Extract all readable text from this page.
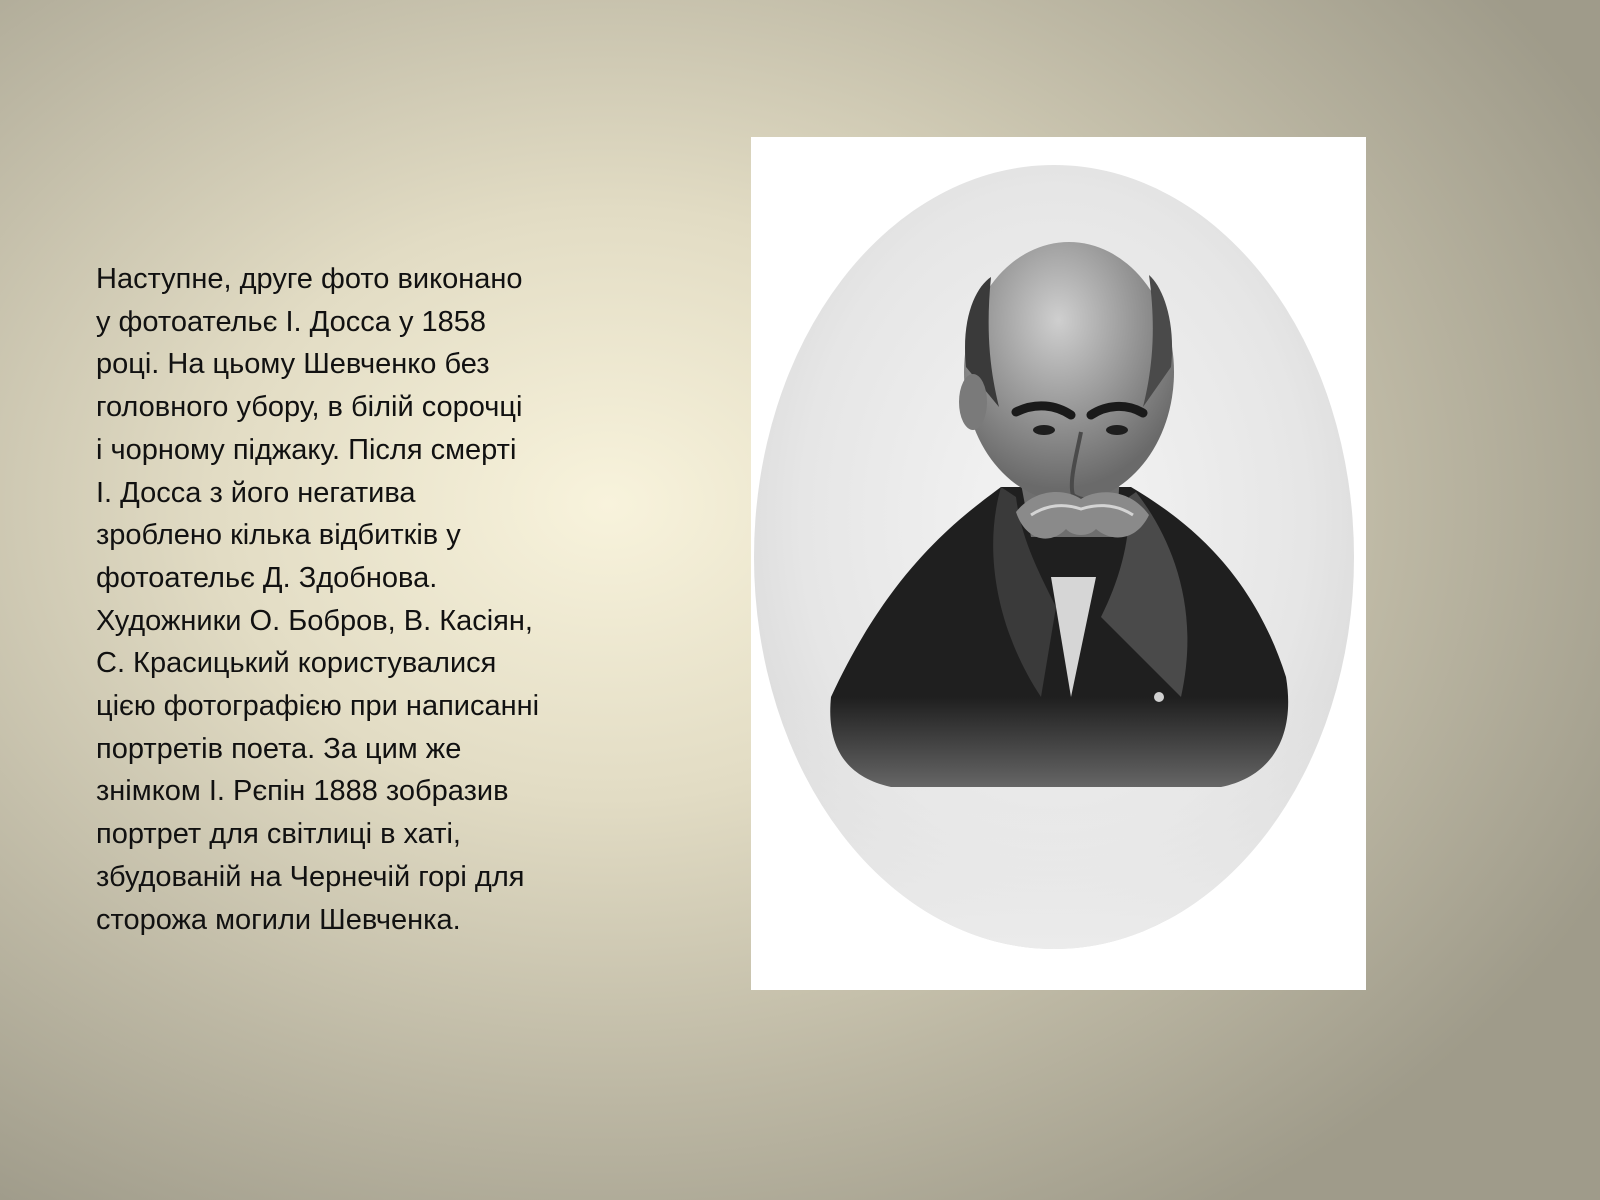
Наступне, друге фото виконано
у фотоательє І. Досса у 1858
році. На цьому Шевченко без
головного убору, в білій сорочці
і чорному піджаку. Після смерті
І. Досса з його негатива
зроблено кілька відбитків у
фотоательє Д. Здобнова.
Художники О. Бобров, В. Касіян,
С. Красицький користувалися
цією фотографією при написанні
портретів поета. За цим же
знімком І. Рєпін 1888 зобразив
портрет для світлиці в хаті,
збудованій на Чернечій горі для
сторожа могили Шевченка.
